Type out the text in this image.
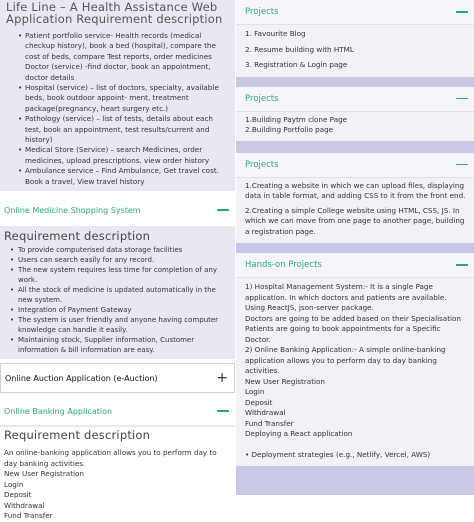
Life Line – A Health Assistance Web Application Requirement description
• Patient portfolio service- Health records (medical checkup history), book a bed (hospital), compare the cost of beds, compare Test reports, order medicines Doctor (service) -find doctor, book an appointment, doctor details
• Hospital (service) – list of doctors, specialty, available beds, book outdoor appoint- ment, treatment package(pregnancy, heart surgery etc.)
• Pathology (service) – list of tests, details about each test, book an appointment, test results/current and history)
• Medical Store (Service) – search Medicines, order medicines, upload prescriptions. view order history
• Ambulance service – Find Ambulance, Get travel cost. Book a travel, View travel history
Online Medicine Shopping System
Requirement description
• To provide computerised data storage facilities
• Users can search easily for any record.
• The new system requires less time for completion of any work.
• All the stock of medicine is updated automatically in the new system.
• Integration of Payment Gateway
• The system is user friendly and anyone having computer knowledge can handle it easily.
• Maintaining stock, Supplier information, Customer information & bill information are easy.
Online Auction Application (e-Auction)	+
Online Banking Application
Requirement description

An online-banking application allows you to perform day to day banking activities.

New User Registration

Login

Deposit

Withdrawal

Fund Transfer

Projects

1. Favourite Blog

2. Resume building with HTML

3. Registration & Login page

Projects

1.Building Paytm clone Page

2.Building Portfolio page

Projects

1.Creating a website in which we can upload files, displaying data in table format, and adding CSS to it from the front end.

2.Creating a simple College website using HTML, CSS, JS. In which we can move from one page to another page, building a registration page.

Hands-on Projects

1) Hospital Management System:- It is a single Page application. In which doctors and patients are available. Using ReactJS, json-server package.

Doctors are going to be added based on their Specialisation

Patients are going to book appointments for a Specific Doctor.

2) Online Banking Application:- A simple online-banking application allows you to perform day to day banking activities.

New User Registration

Login

Deposit

Withdrawal

Fund Transfer

Deploying a React application

• Deployment strategies (e.g., Netlify, Vercel, AWS)
